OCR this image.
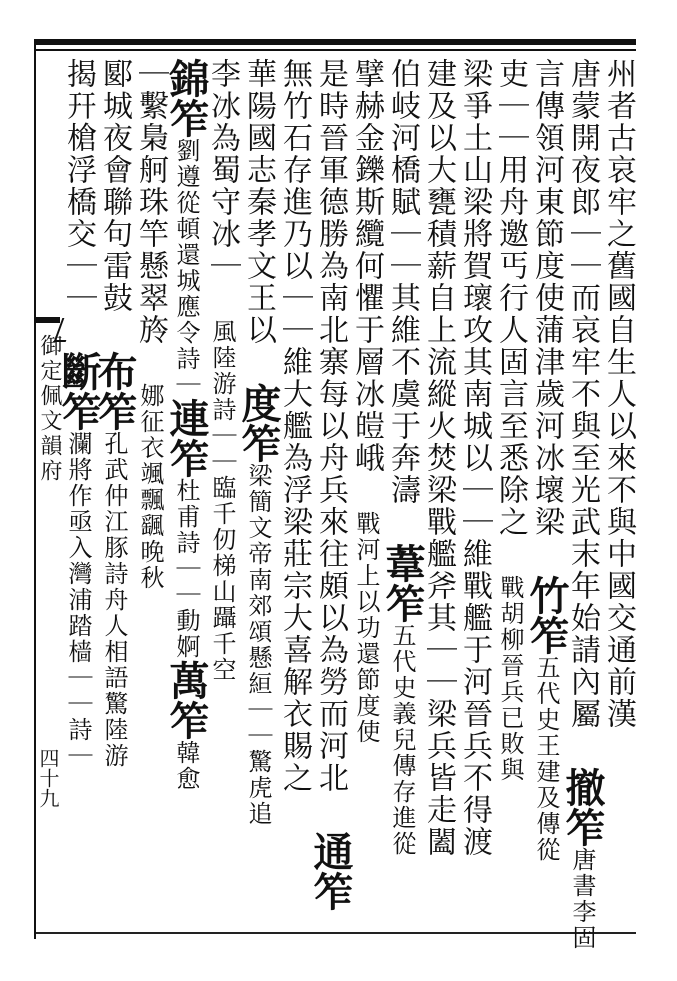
御定佩文韻府
四十九
州者古哀牢之舊國自生人以來不與中國交通前漢
唐蒙開夜郎｜｜而哀牢不與至光武末年始請內屬 撤笮唐書李固
言傳領河東節度使蒲津歲河冰壞梁 竹笮五代史王建及傳從
吏｜｜用舟邀丐行人固言至悉除之 戰胡柳晉兵已敗與
梁爭土山梁將賀瓌攻其南城以｜｜維戰艦于河晉兵不得渡
建及以大甕積薪自上流縱火焚梁戰艦斧其｜｜梁兵皆走闔
伯岐河橋賦｜｜其維不虞于奔濤 葦笮五代史義兒傳存進從
擘赫金鑠斯纜何懼于層冰皚峨 戰河上以功還節度使
是時晉軍德勝為南北寨每以舟兵來往頗以為勞而河北 通笮
無竹石存進乃以｜｜維大艦為浮梁莊宗大喜解衣賜之
華陽國志秦孝文王以 度笮梁簡文帝南郊頌懸絙｜｜驚虎追
李冰為蜀守冰｜ 風陸游詩｜｜臨千仞梯山躡千空
錦笮劉遵從頓還城應令詩｜連笮杜甫詩｜｜動婀萬笮韓愈
｜繫梟舸珠竿懸翠旍 娜征衣颯飄颻晚秋
郾城夜會聯句雷鼓 布笮孔武仲江豚詩舟人相語驚陸游
揭幵槍浮橋交｜｜ 斷笮瀾將作亟入灣浦踏樯｜｜詩｜
